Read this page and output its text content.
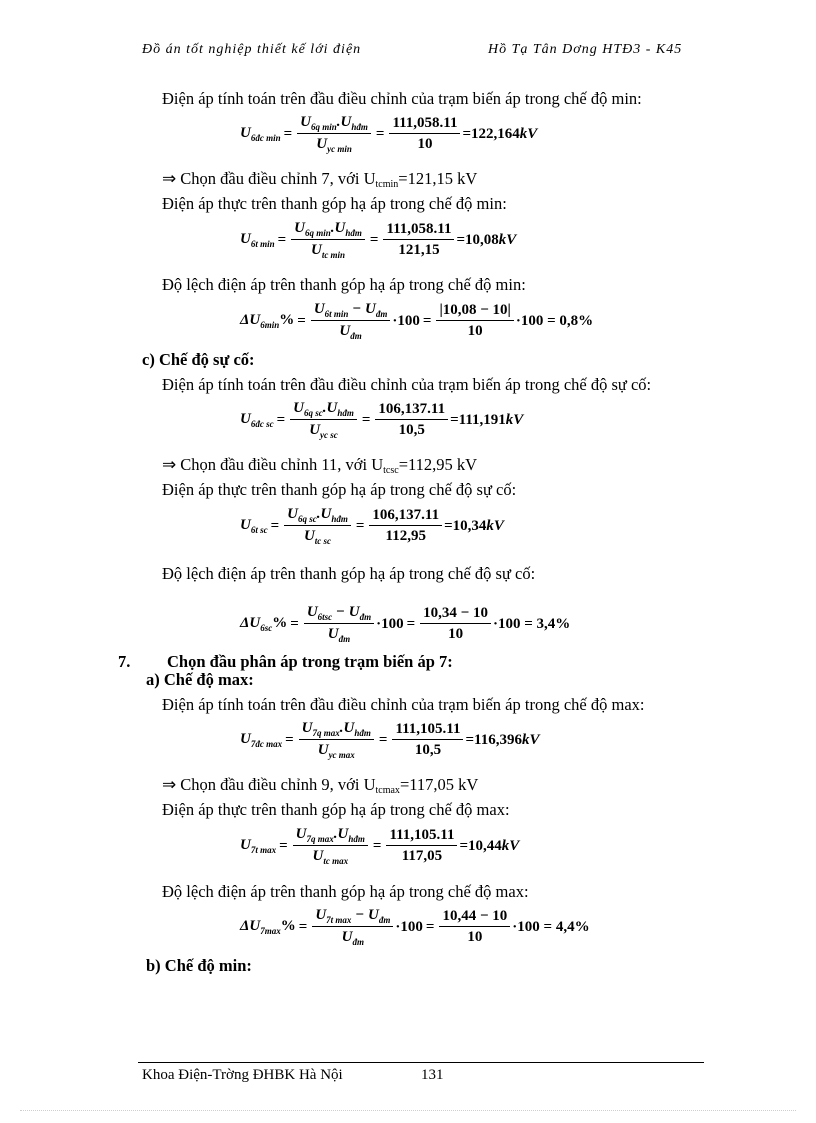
Đồ án tốt nghiệp thiết kế lới điện	Hồ Tạ Tân Dơng HTĐ3 - K45
Điện áp tính toán trên đầu điều chỉnh của trạm biến áp trong chế độ min:
$U_{6đc min} = \frac{U_{6q min}.U_{hđm}}{U_{yc min}} = \frac{111,058.11}{10} =122,164$ kV
⇒ Chọn đầu điều chỉnh 7, với Utcmin=121,15 kV
Điện áp thực trên thanh góp hạ áp trong chế độ min:
$U_{6t min} = \frac{U_{6q min}.U_{hđm}}{U_{tc min}} = \frac{111,058.11}{121,15} =10,08$ kV
Độ lệch điện áp trên thanh góp hạ áp trong chế độ min:
$\Delta U_{6min}\% = \frac{U_{6t min} - U_{đm}}{U_{đm}} \cdot 100 = \frac{|10,08 - 10|}{10} \cdot 100 = 0,8\%$
c) Chế độ sự cố:
Điện áp tính toán trên đầu điều chỉnh của trạm biến áp trong chế độ sự cố:
$U_{6đc sc} = \frac{U_{6q sc}.U_{hđm}}{U_{yc sc}} = \frac{106,137.11}{10,5} =111,191$ kV
⇒ Chọn đầu điều chỉnh 11, với Utcsc=112,95 kV
Điện áp thực trên thanh góp hạ áp trong chế độ sự cố:
$U_{6t sc} = \frac{U_{6q sc}.U_{hđm}}{U_{tc sc}} = \frac{106,137.11}{112,95} =10,34$ kV
Độ lệch điện áp trên thanh góp hạ áp trong chế độ sự cố:
$\Delta U_{6sc}\% = \frac{U_{6tsc} - U_{đm}}{U_{đm}} \cdot 100 = \frac{10,34 - 10}{10} \cdot 100 = 3,4\%$
7. Chọn đầu phân áp trong trạm biến áp 7:
a) Chế độ max:
Điện áp tính toán trên đầu điều chỉnh của trạm biến áp trong chế độ max:
$U_{7đc max} = \frac{U_{7q max}.U_{hđm}}{U_{yc max}} = \frac{111,105.11}{10,5} =116,396$ kV
⇒ Chọn đầu điều chỉnh 9, với Utcmax=117,05 kV
Điện áp thực trên thanh góp hạ áp trong chế độ max:
$U_{7t max} = \frac{U_{7q max}.U_{hđm}}{U_{tc max}} = \frac{111,105.11}{117,05} =10,44$ kV
Độ lệch điện áp trên thanh góp hạ áp trong chế độ max:
$\Delta U_{7max}\% = \frac{U_{7t max} - U_{đm}}{U_{đm}} \cdot 100 = \frac{10,44 - 10}{10} \cdot 100 = 4,4\%$
b) Chế độ min:
Khoa Điện-Trờng ĐHBK Hà Nội	131
